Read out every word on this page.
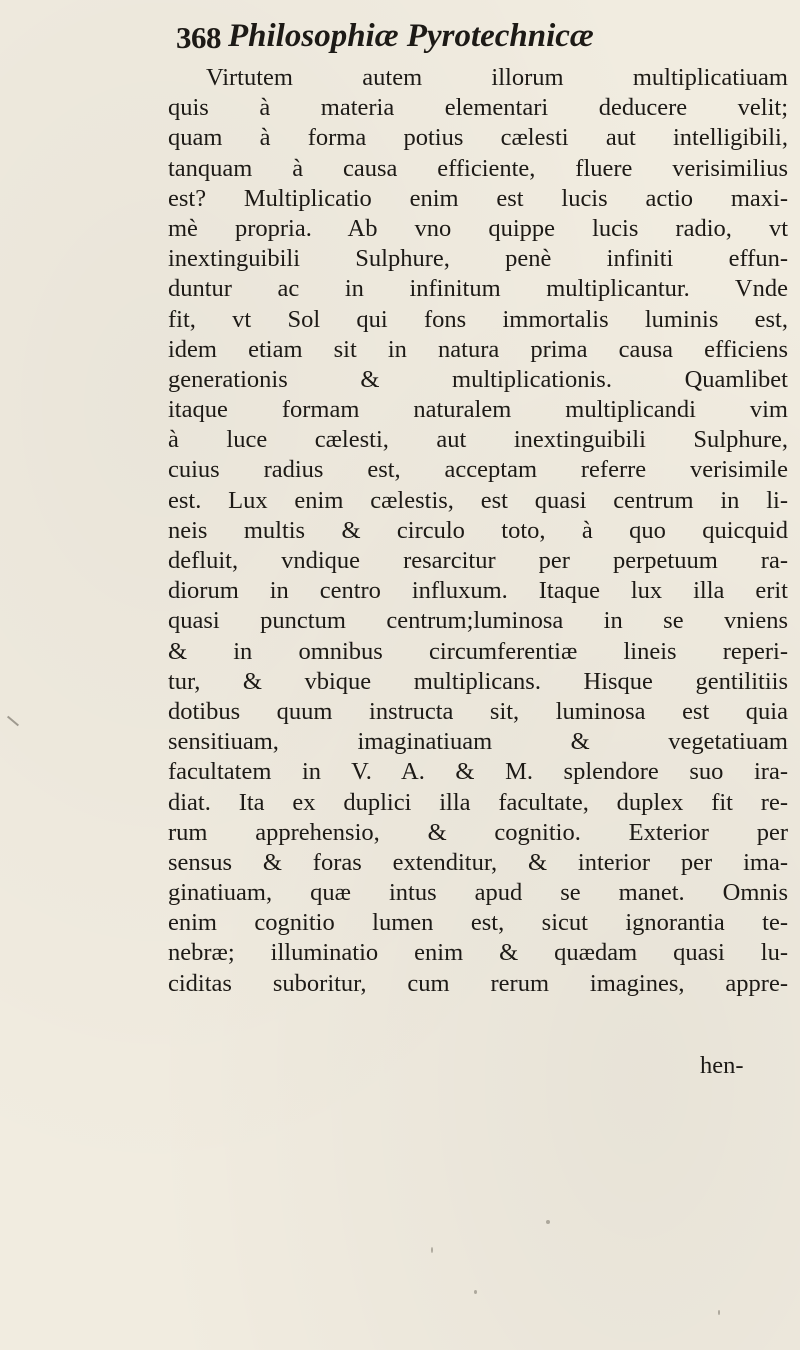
368 Philosophiæ Pyrotechnicæ
Virtutem autem illorum multiplicatiuam
quis à materia elementari deducere velit;
quam à forma potius cælesti aut intelligibili,
tanquam à causa efficiente, fluere verisimilius
est? Multiplicatio enim est lucis actio maxi-
mè propria. Ab vno quippe lucis radio, vt
inextinguibili Sulphure, penè infiniti effun-
duntur ac in infinitum multiplicantur. Vnde
fit, vt Sol qui fons immortalis luminis est,
idem etiam sit in natura prima causa efficiens
generationis & multiplicationis. Quamlibet
itaque formam naturalem multiplicandi vim
à luce cælesti, aut inextinguibili Sulphure,
cuius radius est, acceptam referre verisimile
est. Lux enim cælestis, est quasi centrum in li-
neis multis & circulo toto, à quo quicquid
defluit, vndique resarcitur per perpetuum ra-
diorum in centro influxum. Itaque lux illa erit
quasi punctum centrum;luminosa in se vniens
& in omnibus circumferentiæ lineis reperi-
tur, & vbique multiplicans. Hisque gentilitiis
dotibus quum instructa sit, luminosa est quia
sensitiuam, imaginatiuam & vegetatiuam
facultatem in V. A. & M. splendore suo ira-
diat. Ita ex duplici illa facultate, duplex fit re-
rum apprehensio, & cognitio. Exterior per
sensus & foras extenditur, & interior per ima-
ginatiuam, quæ intus apud se manet. Omnis
enim cognitio lumen est, sicut ignorantia te-
nebræ; illuminatio enim & quædam quasi lu-
ciditas suboritur, cum rerum imagines, appre-
hen-
